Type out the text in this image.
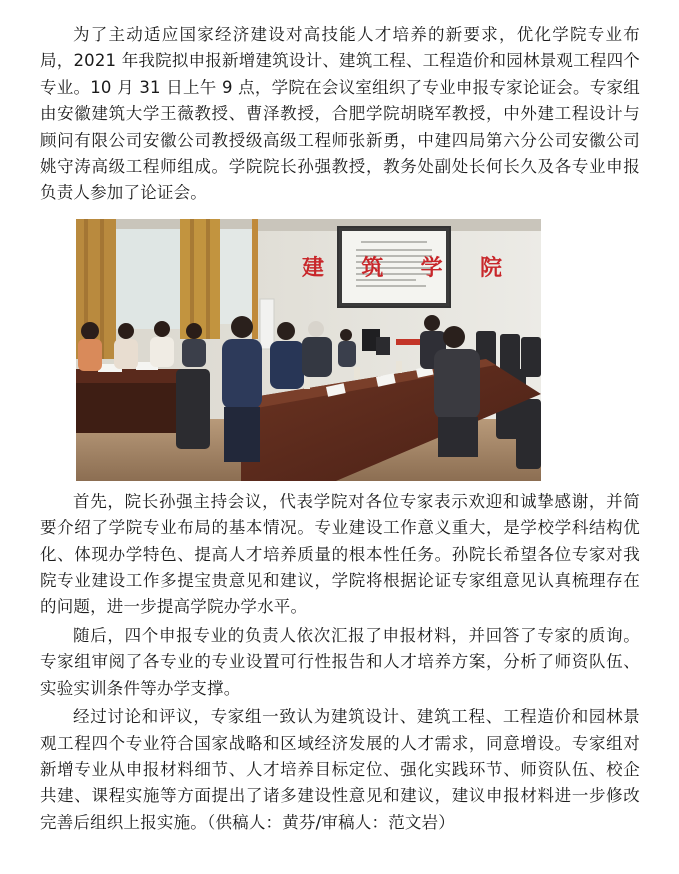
为了主动适应国家经济建设对高技能人才培养的新要求，优化学院专业布局，2021 年我院拟申报新增建筑设计、建筑工程、工程造价和园林景观工程四个专业。10 月 31 日上午 9 点，学院在会议室组织了专业申报专家论证会。专家组由安徽建筑大学王薇教授、曹泽教授，合肥学院胡晓军教授，中外建工程设计与顾问有限公司安徽公司教授级高级工程师张新勇，中建四局第六分公司安徽公司姚守涛高级工程师组成。学院院长孙强教授，教务处副处长何长久及各专业申报负责人参加了论证会。

建筑学院

首先，院长孙强主持会议，代表学院对各位专家表示欢迎和诚挚感谢，并简要介绍了学院专业布局的基本情况。专业建设工作意义重大，是学校学科结构优化、体现办学特色、提高人才培养质量的根本性任务。孙院长希望各位专家对我院专业建设工作多提宝贵意见和建议，学院将根据论证专家组意见认真梳理存在的问题，进一步提高学院办学水平。

随后，四个申报专业的负责人依次汇报了申报材料，并回答了专家的质询。专家组审阅了各专业的专业设置可行性报告和人才培养方案，分析了师资队伍、实验实训条件等办学支撑。

经过讨论和评议，专家组一致认为建筑设计、建筑工程、工程造价和园林景观工程四个专业符合国家战略和区域经济发展的人才需求，同意增设。专家组对新增专业从申报材料细节、人才培养目标定位、强化实践环节、师资队伍、校企共建、课程实施等方面提出了诸多建设性意见和建议，建议申报材料进一步修改完善后组织上报实施。（供稿人：黄芬/审稿人：范文岩）
